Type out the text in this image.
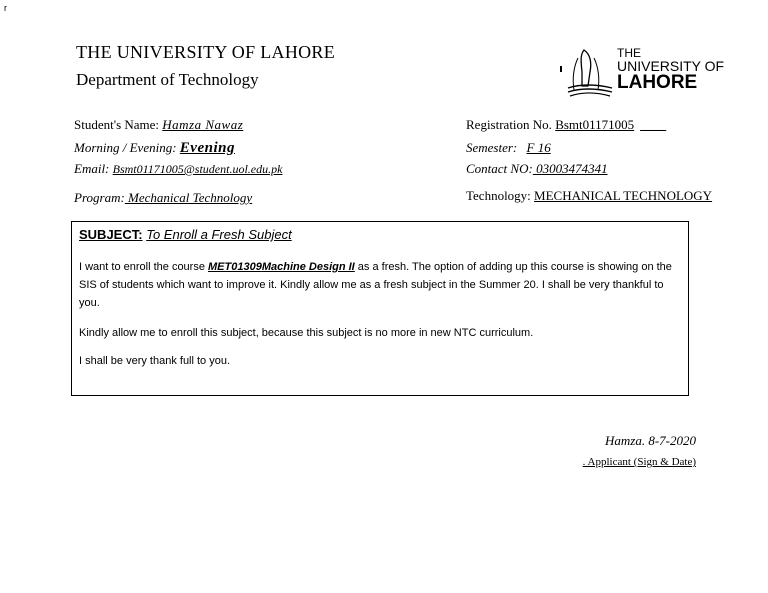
r
THE UNIVERSITY OF LAHORE
Department of Technology
THE
UNIVERSITY OF
LAHORE
Student's Name: Hamza Nawaz
Morning / Evening: Evening
Email: Bsmt01171005@student.uol.edu.pk
Program: Mechanical Technology
Registration No. Bsmt01171005 ____
Semester: F 16
Contact NO: 03003474341
Technology: MECHANICAL TECHNOLOGY
SUBJECT: To Enroll a Fresh Subject
I want to enroll the course MET01309Machine Design II as a fresh. The option of adding up this course is showing on the SIS of students which want to improve it. Kindly allow me as a fresh subject in the Summer 20. I shall be very thankful to you.
Kindly allow me to enroll this subject, because this subject is no more in new NTC curriculum.
I shall be very thank full to you.
Hamza. 8-7-2020
. Applicant (Sign & Date)
